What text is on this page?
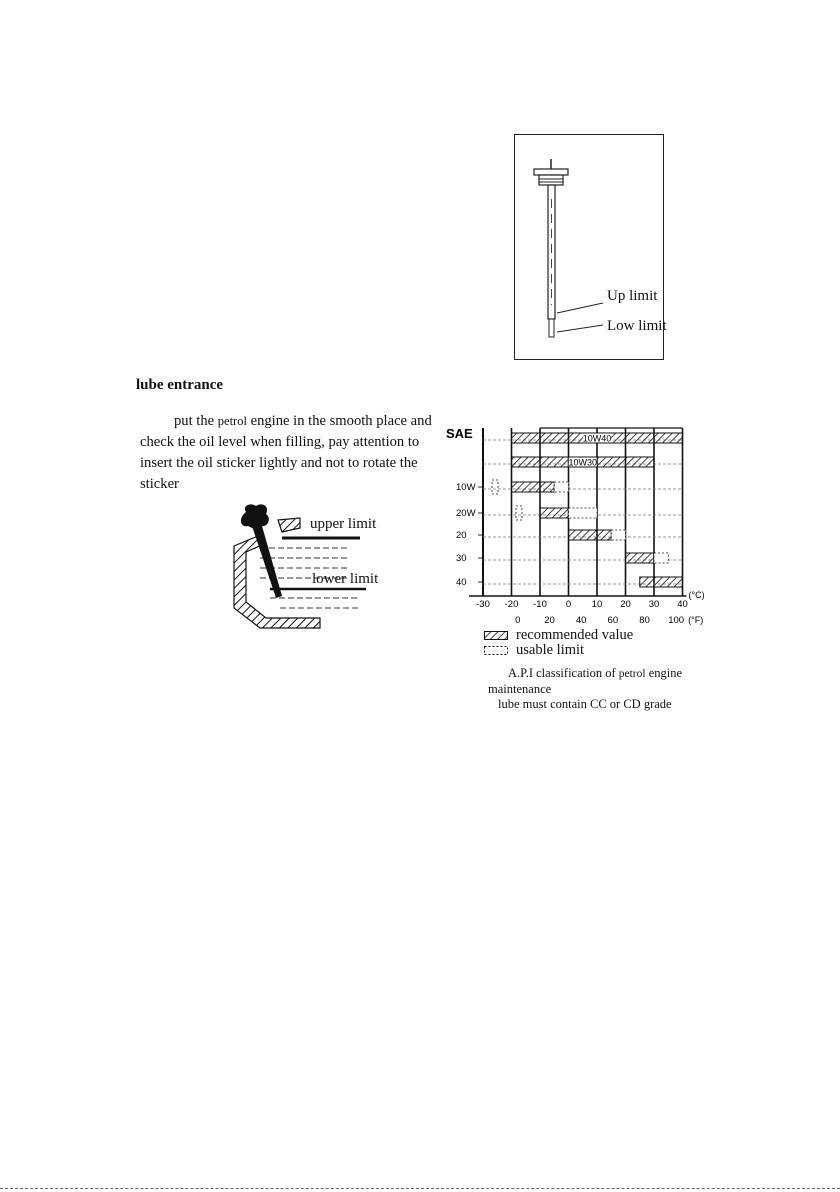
Up limit
Low limit
lube entrance
put the petrol engine in the smooth place and check the oil level when filling, pay attention to insert the oil sticker lightly and not to rotate the sticker
upper limit
lower limit
SAE	10W40
10W30
10W
20W
20
30
40
-30 -20 -10 0 10 20 30 40
(°C)
0 20 40 60 80 100 (°F)
recommended value
usable limit
A.P.I classification of petrol engine
maintenance
lube must contain CC or CD grade
